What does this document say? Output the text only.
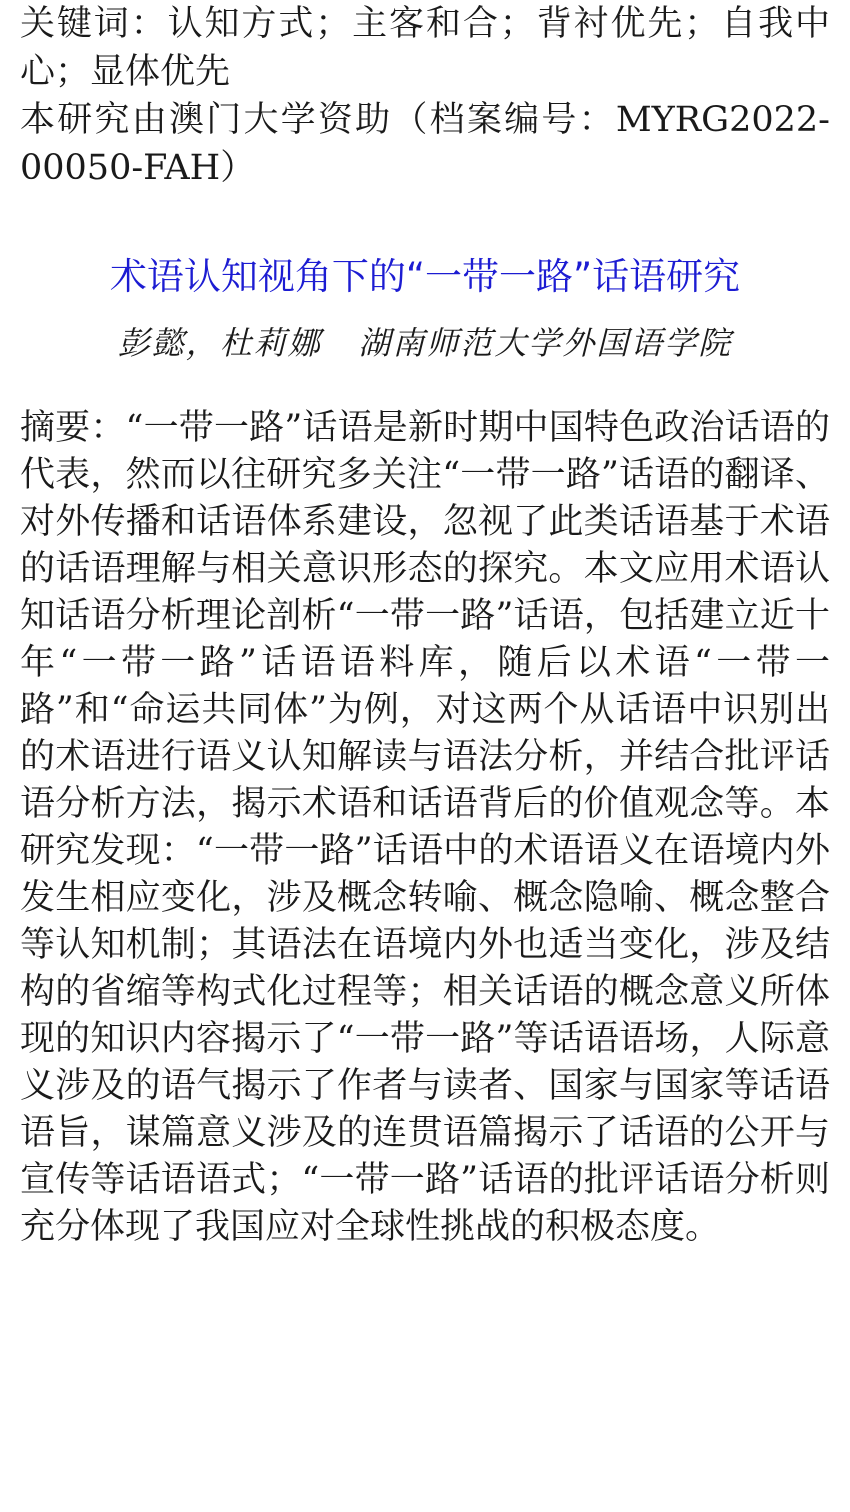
关键词：认知方式；主客和合；背衬优先；自我中心；显体优先

本研究由澳门大学资助（档案编号：MYRG2022-00050-FAH）

术语认知视角下的“一带一路”话语研究
彭懿，杜莉娜 湖南师范大学外国语学院

摘要：“一带一路”话语是新时期中国特色政治话语的代表，然而以往研究多关注“一带一路”话语的翻译、对外传播和话语体系建设，忽视了此类话语基于术语的话语理解与相关意识形态的探究。本文应用术语认知话语分析理论剖析“一带一路”话语，包括建立近十年“一带一路”话语语料库，随后以术语“一带一路”和“命运共同体”为例，对这两个从话语中识别出的术语进行语义认知解读与语法分析，并结合批评话语分析方法，揭示术语和话语背后的价值观念等。本研究发现：“一带一路”话语中的术语语义在语境内外发生相应变化，涉及概念转喻、概念隐喻、概念整合等认知机制；其语法在语境内外也适当变化，涉及结构的省缩等构式化过程等；相关话语的概念意义所体现的知识内容揭示了“一带一路”等话语语场，人际意义涉及的语气揭示了作者与读者、国家与国家等话语语旨，谋篇意义涉及的连贯语篇揭示了话语的公开与宣传等话语语式；“一带一路”话语的批评话语分析则充分体现了我国应对全球性挑战的积极态度。
